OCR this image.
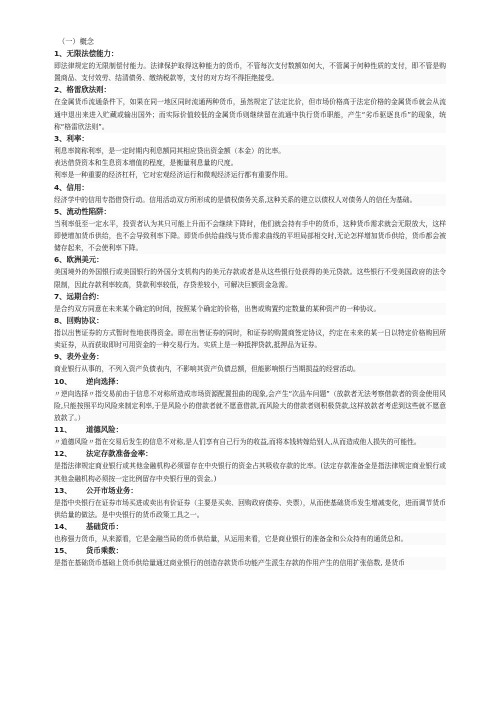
（一）概念
1、无限法偿能力：
即法律规定的无限制偿付能力。法律保护取得这种能力的货币，不管每次支付数额如何大，不管属于何种性质的支付，即不管是购置商品、支付效劳、结清债务、缴纳税款等，支付的对方均不得拒绝接受。
2、格雷欣法则：
在金属货币流通条件下，如果在同一地区同时流通两种货币，虽然规定了法定比价，但市场价格高于法定价格的金属货币就会从流通中退出来进入贮藏或输出国外；而实际价值较低的金属货币则继续留在流通中执行货币职能，产生“劣币驱逐良币”的现象，统称“格雷欣法则”。
3、利率：
利息率简称利率，是一定时期内利息额同其相应贷出资金额（本金）的比率。
表达借贷资本和生息资本增值的程度，是衡量利息量的尺度。
利率是一种重要的经济杠杆，它对宏观经济运行和微观经济运行都有重要作用。
4、信用：
经济学中的信用专指借贷行动。信用活动双方所形成的是债权债务关系,这种关系的建立以债权人对债务人的信任为基础。
5、流动性陷阱：
当利率低至一定水平，投资者认为其只可能上升而不会继续下降时，他们就会持有手中的货币，这种货币需求就会无限放大，这样即使增加货币供给，也不会导致利率下降。即货币供给曲线与货币需求曲线的平坦局部相交时,无论怎样增加货币供给，货币都会被储存起来，不会使利率下降。
6、欧洲美元：
美国境外的外国银行或美国银行的外国分支机构内的美元存款或者是从这些银行处获得的美元贷款。这些银行不受美国政府的法令限制，因此存款利率较高，贷款利率较低，存贷差较小，可解决巨额资金急需。
7、远期合约：
是合约双方同意在未来某个确定的时间，按照某个确定的价格，出售或购置约定数量的某种资产的一种协议。
8、回购协议：
指以出售证券的方式暂时性地获得资金。即在出售证券的同时，和证券的购置商签定协议，约定在未来的某一日以特定价格购回所卖证券，从而获取即时可用资金的一种交易行为。实质上是一种抵押贷款,抵押品为证券。
9、表外业务：
商业银行从事的，不列入资产负债表内，不影响其资产负债总额，但能影响银行当期损益的经营活动。
10、 逆向选择：
〃逆向选择〃指交易前由于信息不对称所造成市场资源配置扭曲的现象,会产生“次品车问题”（放款者无法考察借款者的资金使用风险,只能按照平均风险来制定利率,于是风险小的借款者就不愿意借款,而风险大的借款者则积极贷款,这样放款者考虑到这些就不愿意放款了。）
11、 道德风险：
〃道德风险〃指在交易后发生的信息不对称,是人们享有自己行为的收益,而将本钱转嫁给别人,从而造成他人损失的可能性。
12、 法定存款准备金率：
是指法律规定商业银行或其他金融机构必须留存在中央银行的资金占其吸收存款的比率。(法定存款准备金是指法律规定商业银行或其他金融机构必须按一定比例留存中央银行里的资金。)
13、 公开市场业务：
是指中央银行在证券市场买进或卖出有价证券（主要是买卖、回购政府债券、央票），从而使基础货币发生增减变化，进而调节货币供给量的做法。是中央银行的货币政策工具之一。
14、 基础货币：
也称强力货币，从来源看，它是金融当局的货币供给量，从运用来看，它是商业银行的准备金和公众持有的通货总和。
15、 货币乘数：
是指在基础货币基础上货币供给量通过商业银行的创造存款货币功能产生派生存款的作用产生的信用扩张倍数, 是货币
